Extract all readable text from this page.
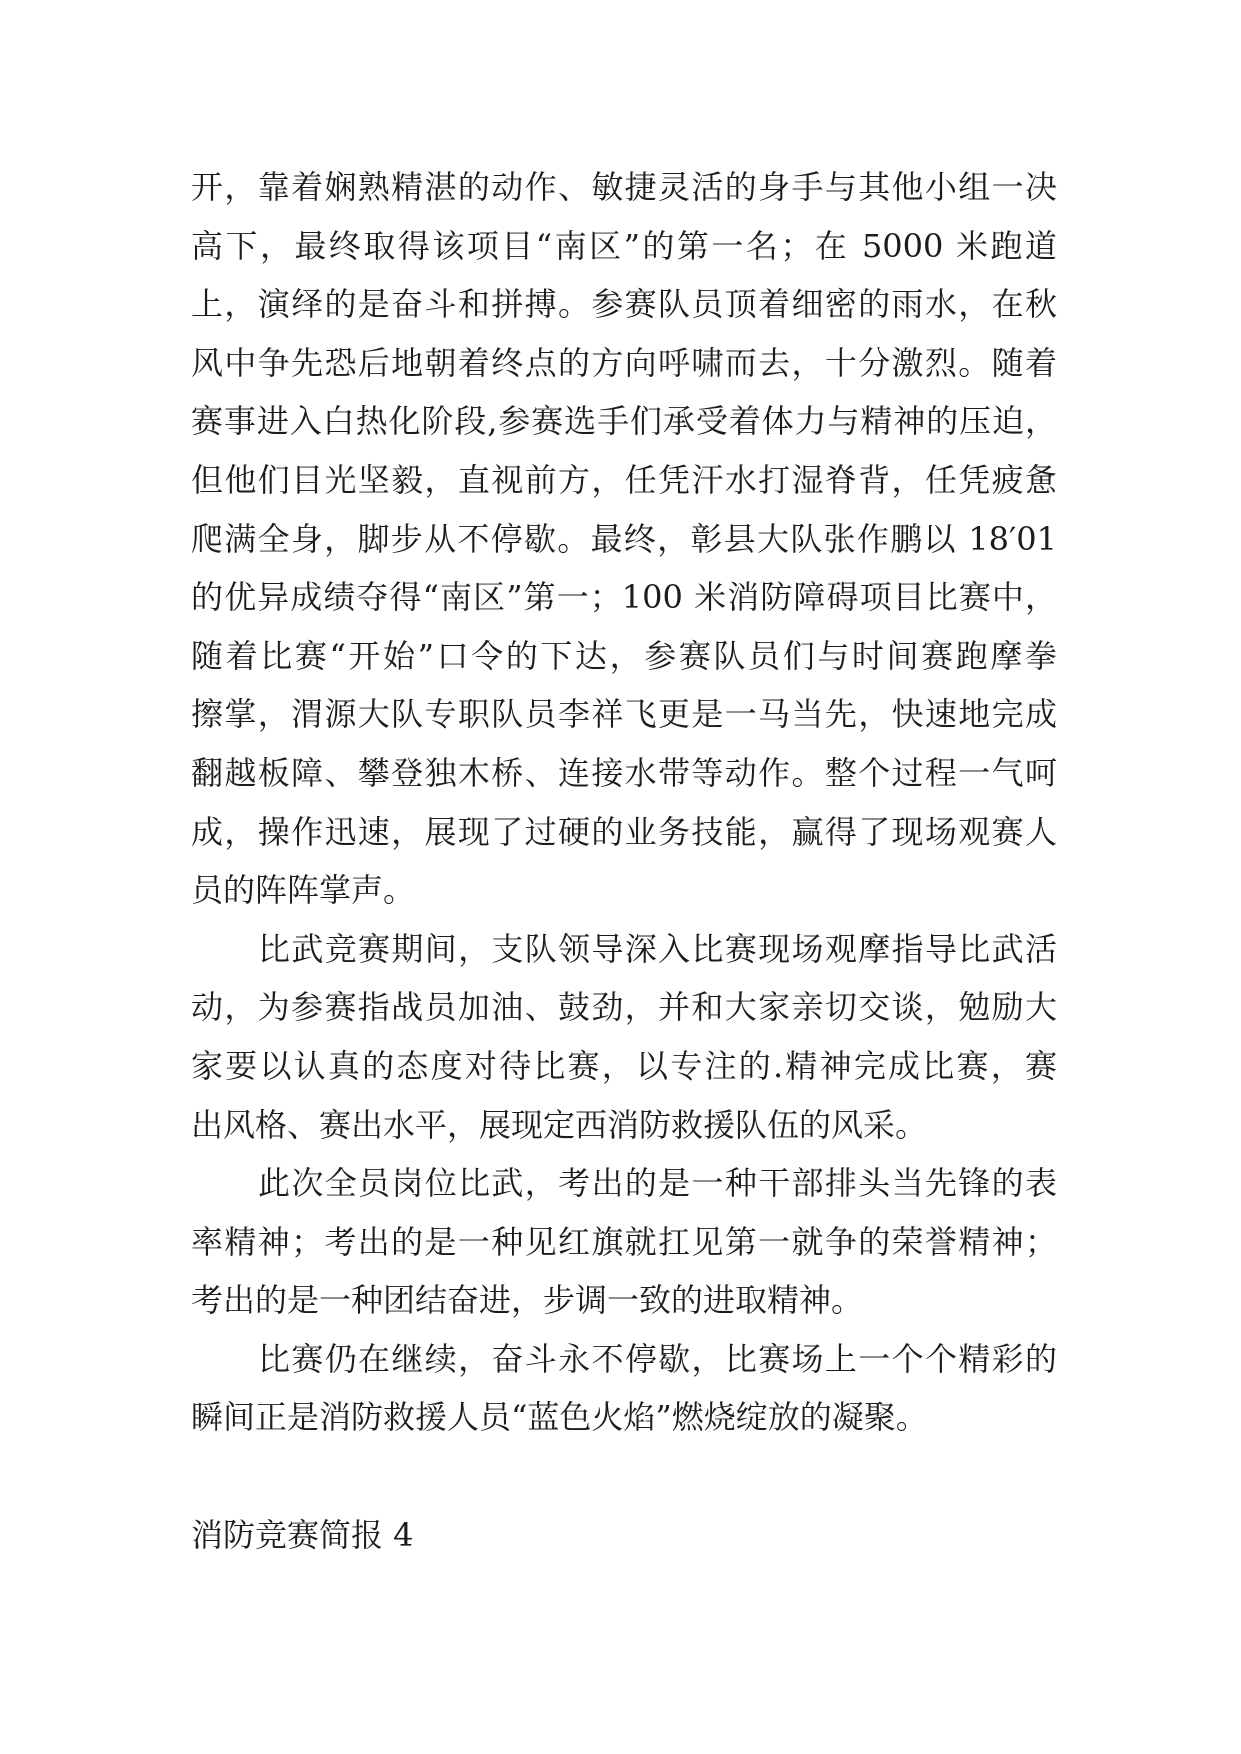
开，靠着娴熟精湛的动作、敏捷灵活的身手与其他小组一决
高下，最终取得该项目“南区”的第一名；在 5000 米跑道
上，演绎的是奋斗和拼搏。参赛队员顶着细密的雨水，在秋
风中争先恐后地朝着终点的方向呼啸而去，十分激烈。随着
赛事进入白热化阶段,参赛选手们承受着体力与精神的压迫，
但他们目光坚毅，直视前方，任凭汗水打湿脊背，任凭疲惫
爬满全身，脚步从不停歇。最终，彰县大队张作鹏以 18′01
的优异成绩夺得“南区”第一；100 米消防障碍项目比赛中，
随着比赛“开始”口令的下达，参赛队员们与时间赛跑摩拳
擦掌，渭源大队专职队员李祥飞更是一马当先，快速地完成
翻越板障、攀登独木桥、连接水带等动作。整个过程一气呵
成，操作迅速，展现了过硬的业务技能，赢得了现场观赛人
员的阵阵掌声。
比武竞赛期间，支队领导深入比赛现场观摩指导比武活
动，为参赛指战员加油、鼓劲，并和大家亲切交谈，勉励大
家要以认真的态度对待比赛，以专注的.精神完成比赛，赛
出风格、赛出水平，展现定西消防救援队伍的风采。
此次全员岗位比武，考出的是一种干部排头当先锋的表
率精神；考出的是一种见红旗就扛见第一就争的荣誉精神；
考出的是一种团结奋进，步调一致的进取精神。
比赛仍在继续，奋斗永不停歇，比赛场上一个个精彩的
瞬间正是消防救援人员“蓝色火焰”燃烧绽放的凝聚。
消防竞赛简报 4
